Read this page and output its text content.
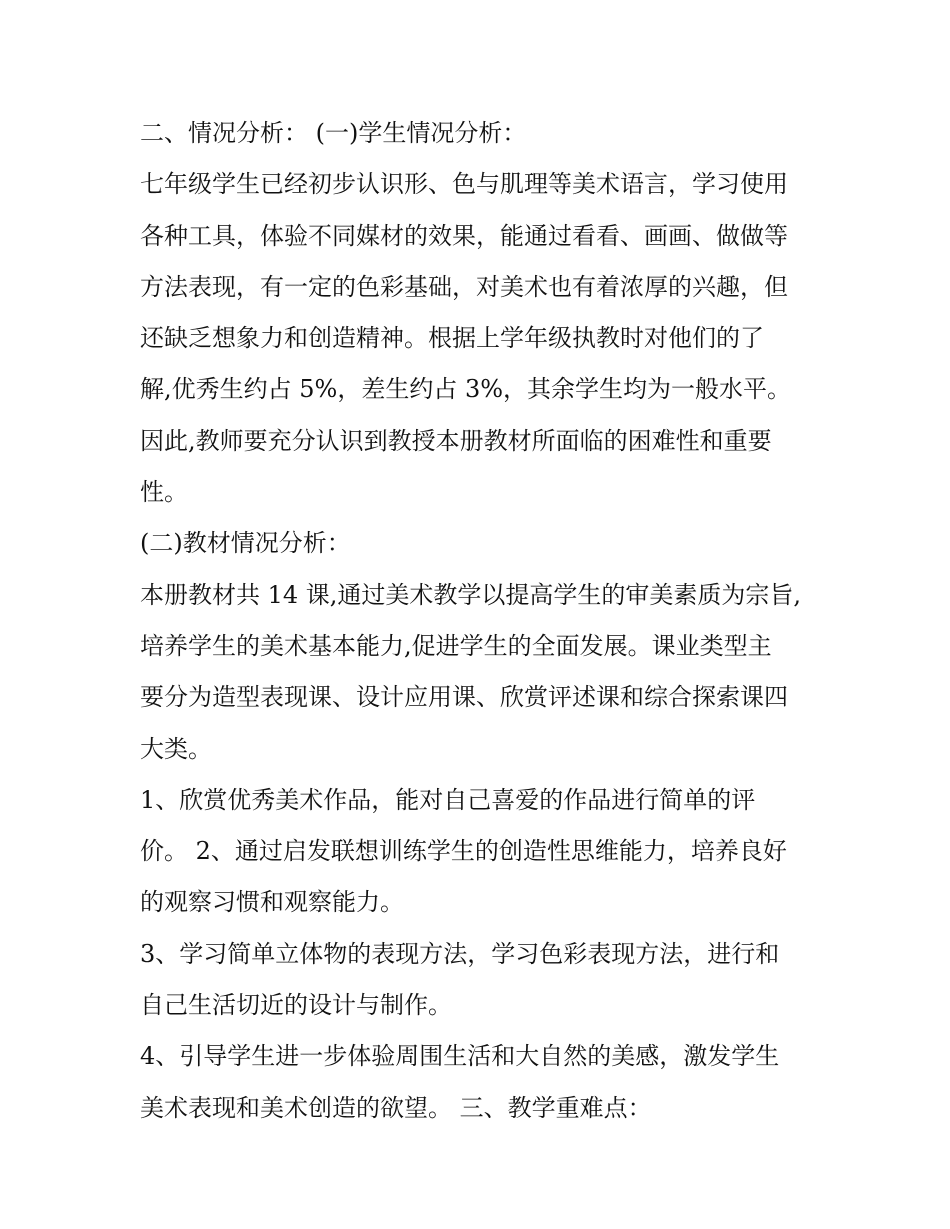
二、情况分析： (一)学生情况分析：
七年级学生已经初步认识形、色与肌理等美术语言，学习使用
各种工具，体验不同媒材的效果，能通过看看、画画、做做等
方法表现，有一定的色彩基础，对美术也有着浓厚的兴趣，但
还缺乏想象力和创造精神。根据上学年级执教时对他们的了
解,优秀生约占 5%，差生约占 3%，其余学生均为一般水平。
因此,教师要充分认识到教授本册教材所面临的困难性和重要
性。
(二)教材情况分析：
本册教材共 14 课,通过美术教学以提高学生的审美素质为宗旨,
培养学生的美术基本能力,促进学生的全面发展。课业类型主
要分为造型表现课、设计应用课、欣赏评述课和综合探索课四
大类。
1、欣赏优秀美术作品，能对自己喜爱的作品进行简单的评
价。 2、通过启发联想训练学生的创造性思维能力，培养良好
的观察习惯和观察能力。
3、学习简单立体物的表现方法，学习色彩表现方法，进行和
自己生活切近的设计与制作。
4、引导学生进一步体验周围生活和大自然的美感，激发学生
美术表现和美术创造的欲望。 三、教学重难点：
